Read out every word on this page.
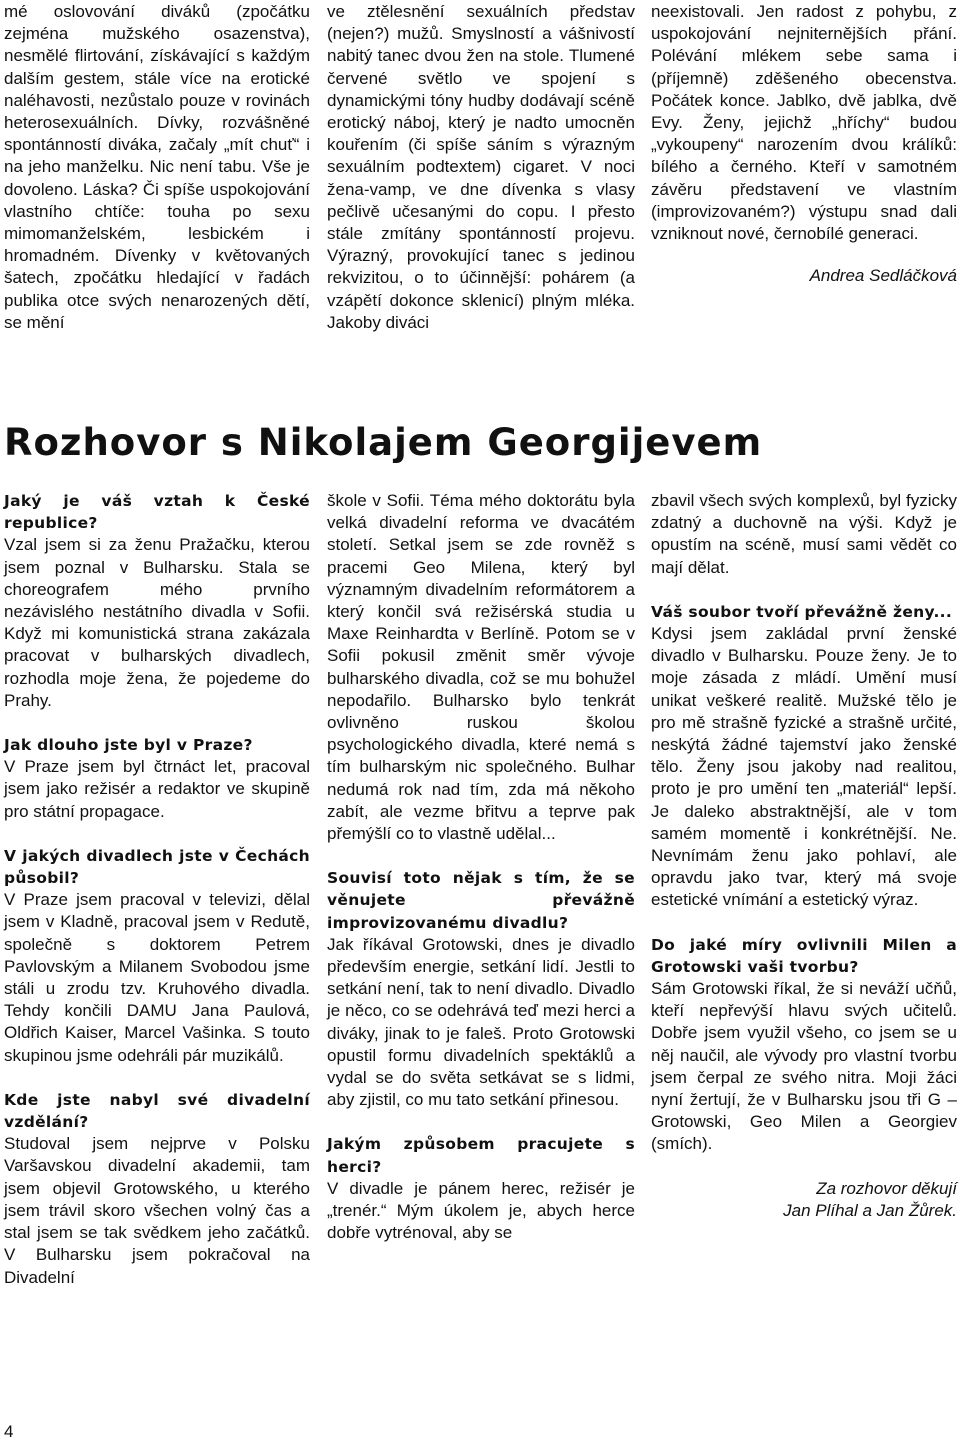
mé oslovování diváků (zpočátku zejména mužského osazenstva), nesmělé flirtování, získávající s každým dalším gestem, stále více na erotické naléhavosti, nezůstalo pouze v rovinách heterosexuálních. Dívky, rozvášněné spontánností diváka, začaly „mít chuť“ i na jeho manželku. Nic není tabu. Vše je dovoleno. Láska? Či spíše uspokojování vlastního chtíče: touha po sexu mimomanželském, lesbickém i hromadném. Dívenky v květovaných šatech, zpočátku hledající v řadách publika otce svých nenarozených dětí, se mění

ve ztělesnění sexuálních představ (nejen?) mužů. Smyslností a vášnivostí nabitý tanec dvou žen na stole. Tlumené červené světlo ve spojení s dynamickými tóny hudby dodávají scéně erotický náboj, který je nadto umocněn kouřením (či spíše sáním s výrazným sexuálním podtextem) cigaret. V noci žena-vamp, ve dne dívenka s vlasy pečlivě učesanými do copu. I přesto stále zmítány spontánností projevu. Výrazný, provokující tanec s jedinou rekvizitou, o to účinnější: pohárem (a vzápětí dokonce sklenicí) plným mléka. Jakoby diváci

neexistovali. Jen radost z pohybu, z uspokojování nejniternějších přání. Polévání mlékem sebe sama i (příjemně) zděšeného obecenstva. Počátek konce. Jablko, dvě jablka, dvě Evy. Ženy, jejichž „hříchy“ budou „vykoupeny“ narozením dvou králíků: bílého a černého. Kteří v samotném závěru představení ve vlastním (improvizovaném?) výstupu snad dali vzniknout nové, černobílé generaci.

Andrea Sedláčková

Rozhovor s Nikolajem Georgijevem

Jaký je váš vztah k České republice?

Vzal jsem si za ženu Pražačku, kterou jsem poznal v Bulharsku. Stala se choreografem mého prvního nezávislého nestátního divadla v Sofii. Když mi komunistická strana zakázala pracovat v bulharských divadlech, rozhodla moje žena, že pojedeme do Prahy.

Jak dlouho jste byl v Praze?

V Praze jsem byl čtrnáct let, pracoval jsem jako režisér a redaktor ve skupině pro státní propagace.

V jakých divadlech jste v Čechách působil?

V Praze jsem pracoval v televizi, dělal jsem v Kladně, pracoval jsem v Redutě, společně s doktorem Petrem Pavlovským a Milanem Svobodou jsme stáli u zrodu tzv. Kruhového divadla. Tehdy končili DAMU Jana Paulová, Oldřich Kaiser, Marcel Vašinka. S touto skupinou jsme odehráli pár muzikálů.

Kde jste nabyl své divadelní vzdělání?

Studoval jsem nejprve v Polsku Varšavskou divadelní akademii, tam jsem objevil Grotowského, u kterého jsem trávil skoro všechen volný čas a stal jsem se tak svědkem jeho začátků. V Bulharsku jsem pokračoval na Divadelní

škole v Sofii. Téma mého doktorátu byla velká divadelní reforma ve dvacátém století. Setkal jsem se zde rovněž s pracemi Geo Milena, který byl významným divadelním reformátorem a který končil svá režisérská studia u Maxe Reinhardta v Berlíně. Potom se v Sofii pokusil změnit směr vývoje bulharského divadla, což se mu bohužel nepodařilo. Bulharsko bylo tenkrát ovlivněno ruskou školou psychologického divadla, které nemá s tím bulharským nic společného. Bulhar nedumá rok nad tím, zda má někoho zabít, ale vezme břitvu a teprve pak přemýšlí co to vlastně udělal...

Souvisí toto nějak s tím, že se věnujete převážně improvizovanému divadlu?

Jak říkával Grotowski, dnes je divadlo především energie, setkání lidí. Jestli to setkání není, tak to není divadlo. Divadlo je něco, co se odehrává teď mezi herci a diváky, jinak to je faleš. Proto Grotowski opustil formu divadelních spektáklů a vydal se do světa setkávat se s lidmi, aby zjistil, co mu tato setkání přinesou.

Jakým způsobem pracujete s herci?

V divadle je pánem herec, režisér je „trenér.“ Mým úkolem je, abych herce dobře vytrénoval, aby se

zbavil všech svých komplexů, byl fyzicky zdatný a duchovně na výši. Když je opustím na scéně, musí sami vědět co mají dělat.

Váš soubor tvoří převážně ženy...

Kdysi jsem zakládal první ženské divadlo v Bulharsku. Pouze ženy. Je to moje zásada z mládí. Umění musí unikat veškeré realitě. Mužské tělo je pro mě strašně fyzické a strašně určité, neskýtá žádné tajemství jako ženské tělo. Ženy jsou jakoby nad realitou, proto je pro umění ten „materiál“ lepší. Je daleko abstraktnější, ale v tom samém momentě i konkrétnější. Ne. Nevnímám ženu jako pohlaví, ale opravdu jako tvar, který má svoje estetické vnímání a estetický výraz.

Do jaké míry ovlivnili Milen a Grotowski vaši tvorbu?

Sám Grotowski říkal, že si neváží učňů, kteří nepřevýší hlavu svých učitelů. Dobře jsem využil všeho, co jsem se u něj naučil, ale vývody pro vlastní tvorbu jsem čerpal ze svého nitra. Moji žáci nyní žertují, že v Bulharsku jsou tři G – Grotowski, Geo Milen a Georgiev (smích).

Za rozhovor děkují

Jan Plíhal a Jan Žůrek.

4
